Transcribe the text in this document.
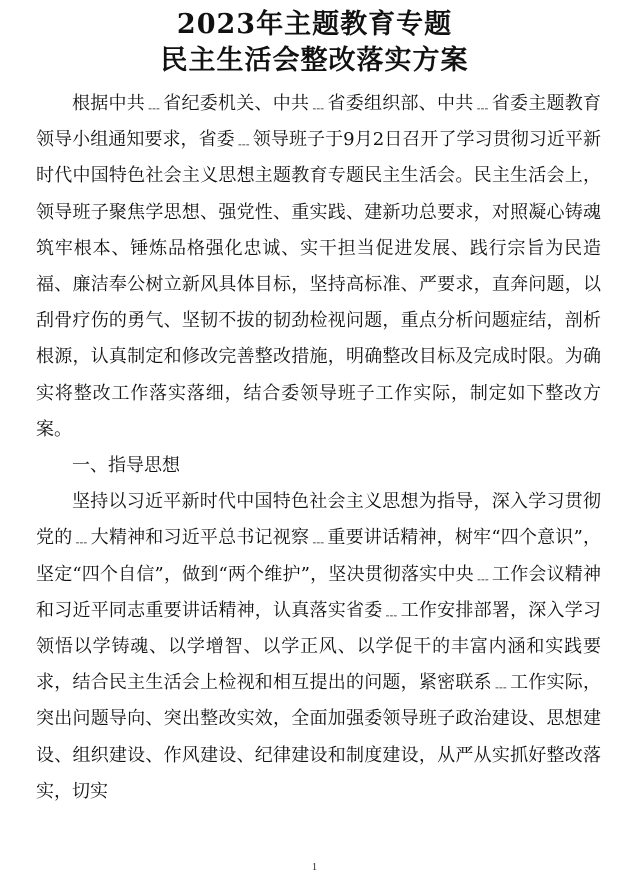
2023年主题教育专题
民主生活会整改落实方案

根据中共﹍省纪委机关、中共﹍省委组织部、中共﹍省委主题教育领导小组通知要求，省委﹍领导班子于9月2日召开了学习贯彻习近平新时代中国特色社会主义思想主题教育专题民主生活会。民主生活会上，领导班子聚焦学思想、强党性、重实践、建新功总要求，对照凝心铸魂筑牢根本、锤炼品格强化忠诚、实干担当促进发展、践行宗旨为民造福、廉洁奉公树立新风具体目标，坚持高标准、严要求，直奔问题，以刮骨疗伤的勇气、坚韧不拔的韧劲检视问题，重点分析问题症结，剖析根源，认真制定和修改完善整改措施，明确整改目标及完成时限。为确实将整改工作落实落细，结合委领导班子工作实际，制定如下整改方案。

一、指导思想

坚持以习近平新时代中国特色社会主义思想为指导，深入学习贯彻党的﹍大精神和习近平总书记视察﹍重要讲话精神，树牢“四个意识”，坚定“四个自信”，做到“两个维护”，坚决贯彻落实中央﹍工作会议精神和习近平同志重要讲话精神，认真落实省委﹍工作安排部署，深入学习领悟以学铸魂、以学增智、以学正风、以学促干的丰富内涵和实践要求，结合民主生活会上检视和相互提出的问题，紧密联系﹍工作实际，突出问题导向、突出整改实效，全面加强委领导班子政治建设、思想建设、组织建设、作风建设、纪律建设和制度建设，从严从实抓好整改落实，切实

1
